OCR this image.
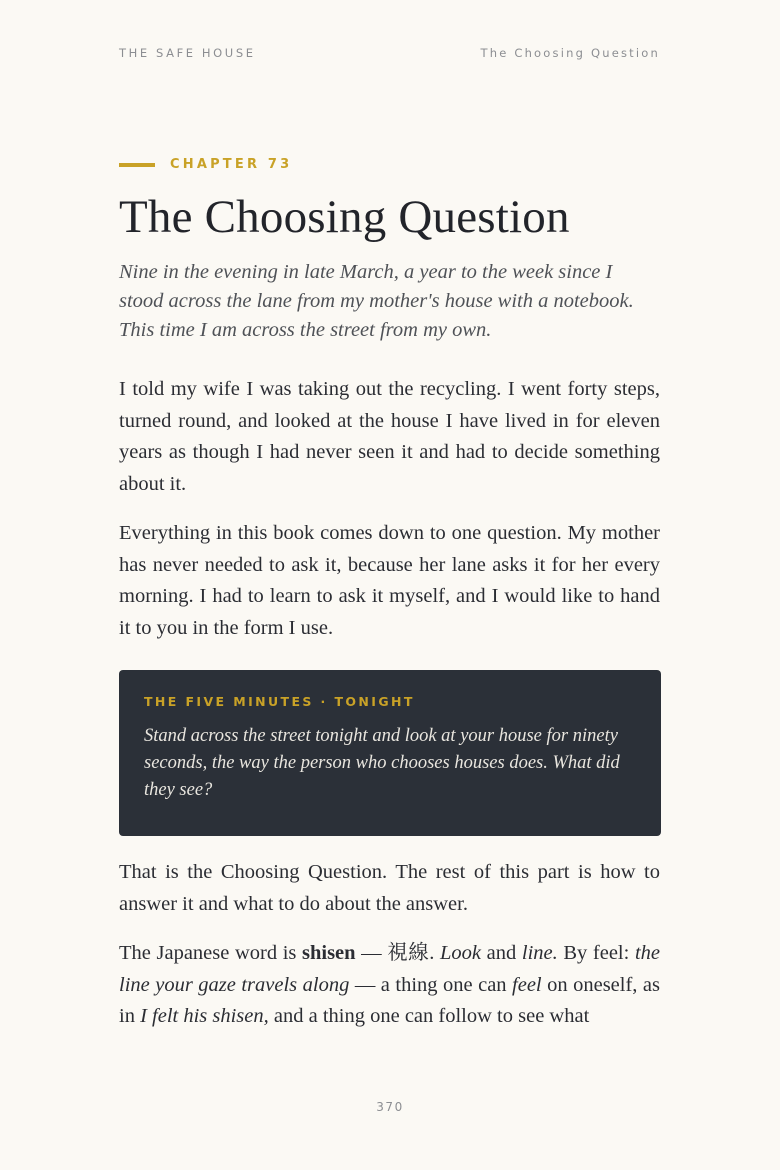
THE SAFE HOUSE	The Choosing Question
CHAPTER 73
The Choosing Question

Nine in the evening in late March, a year to the week since I stood across the lane from my mother's house with a notebook. This time I am across the street from my own.

I told my wife I was taking out the recycling. I went forty steps, turned round, and looked at the house I have lived in for eleven years as though I had never seen it and had to decide something about it.

Everything in this book comes down to one question. My mother has never needed to ask it, because her lane asks it for her every morning. I had to learn to ask it myself, and I would like to hand it to you in the form I use.

THE FIVE MINUTES · TONIGHT

Stand across the street tonight and look at your house for ninety seconds, the way the person who chooses houses does. What did they see?

That is the Choosing Question. The rest of this part is how to answer it and what to do about the answer.

The Japanese word is shisen — 視線. Look and line. By feel: the line your gaze travels along — a thing one can feel on oneself, as in I felt his shisen, and a thing one can follow to see what
370
